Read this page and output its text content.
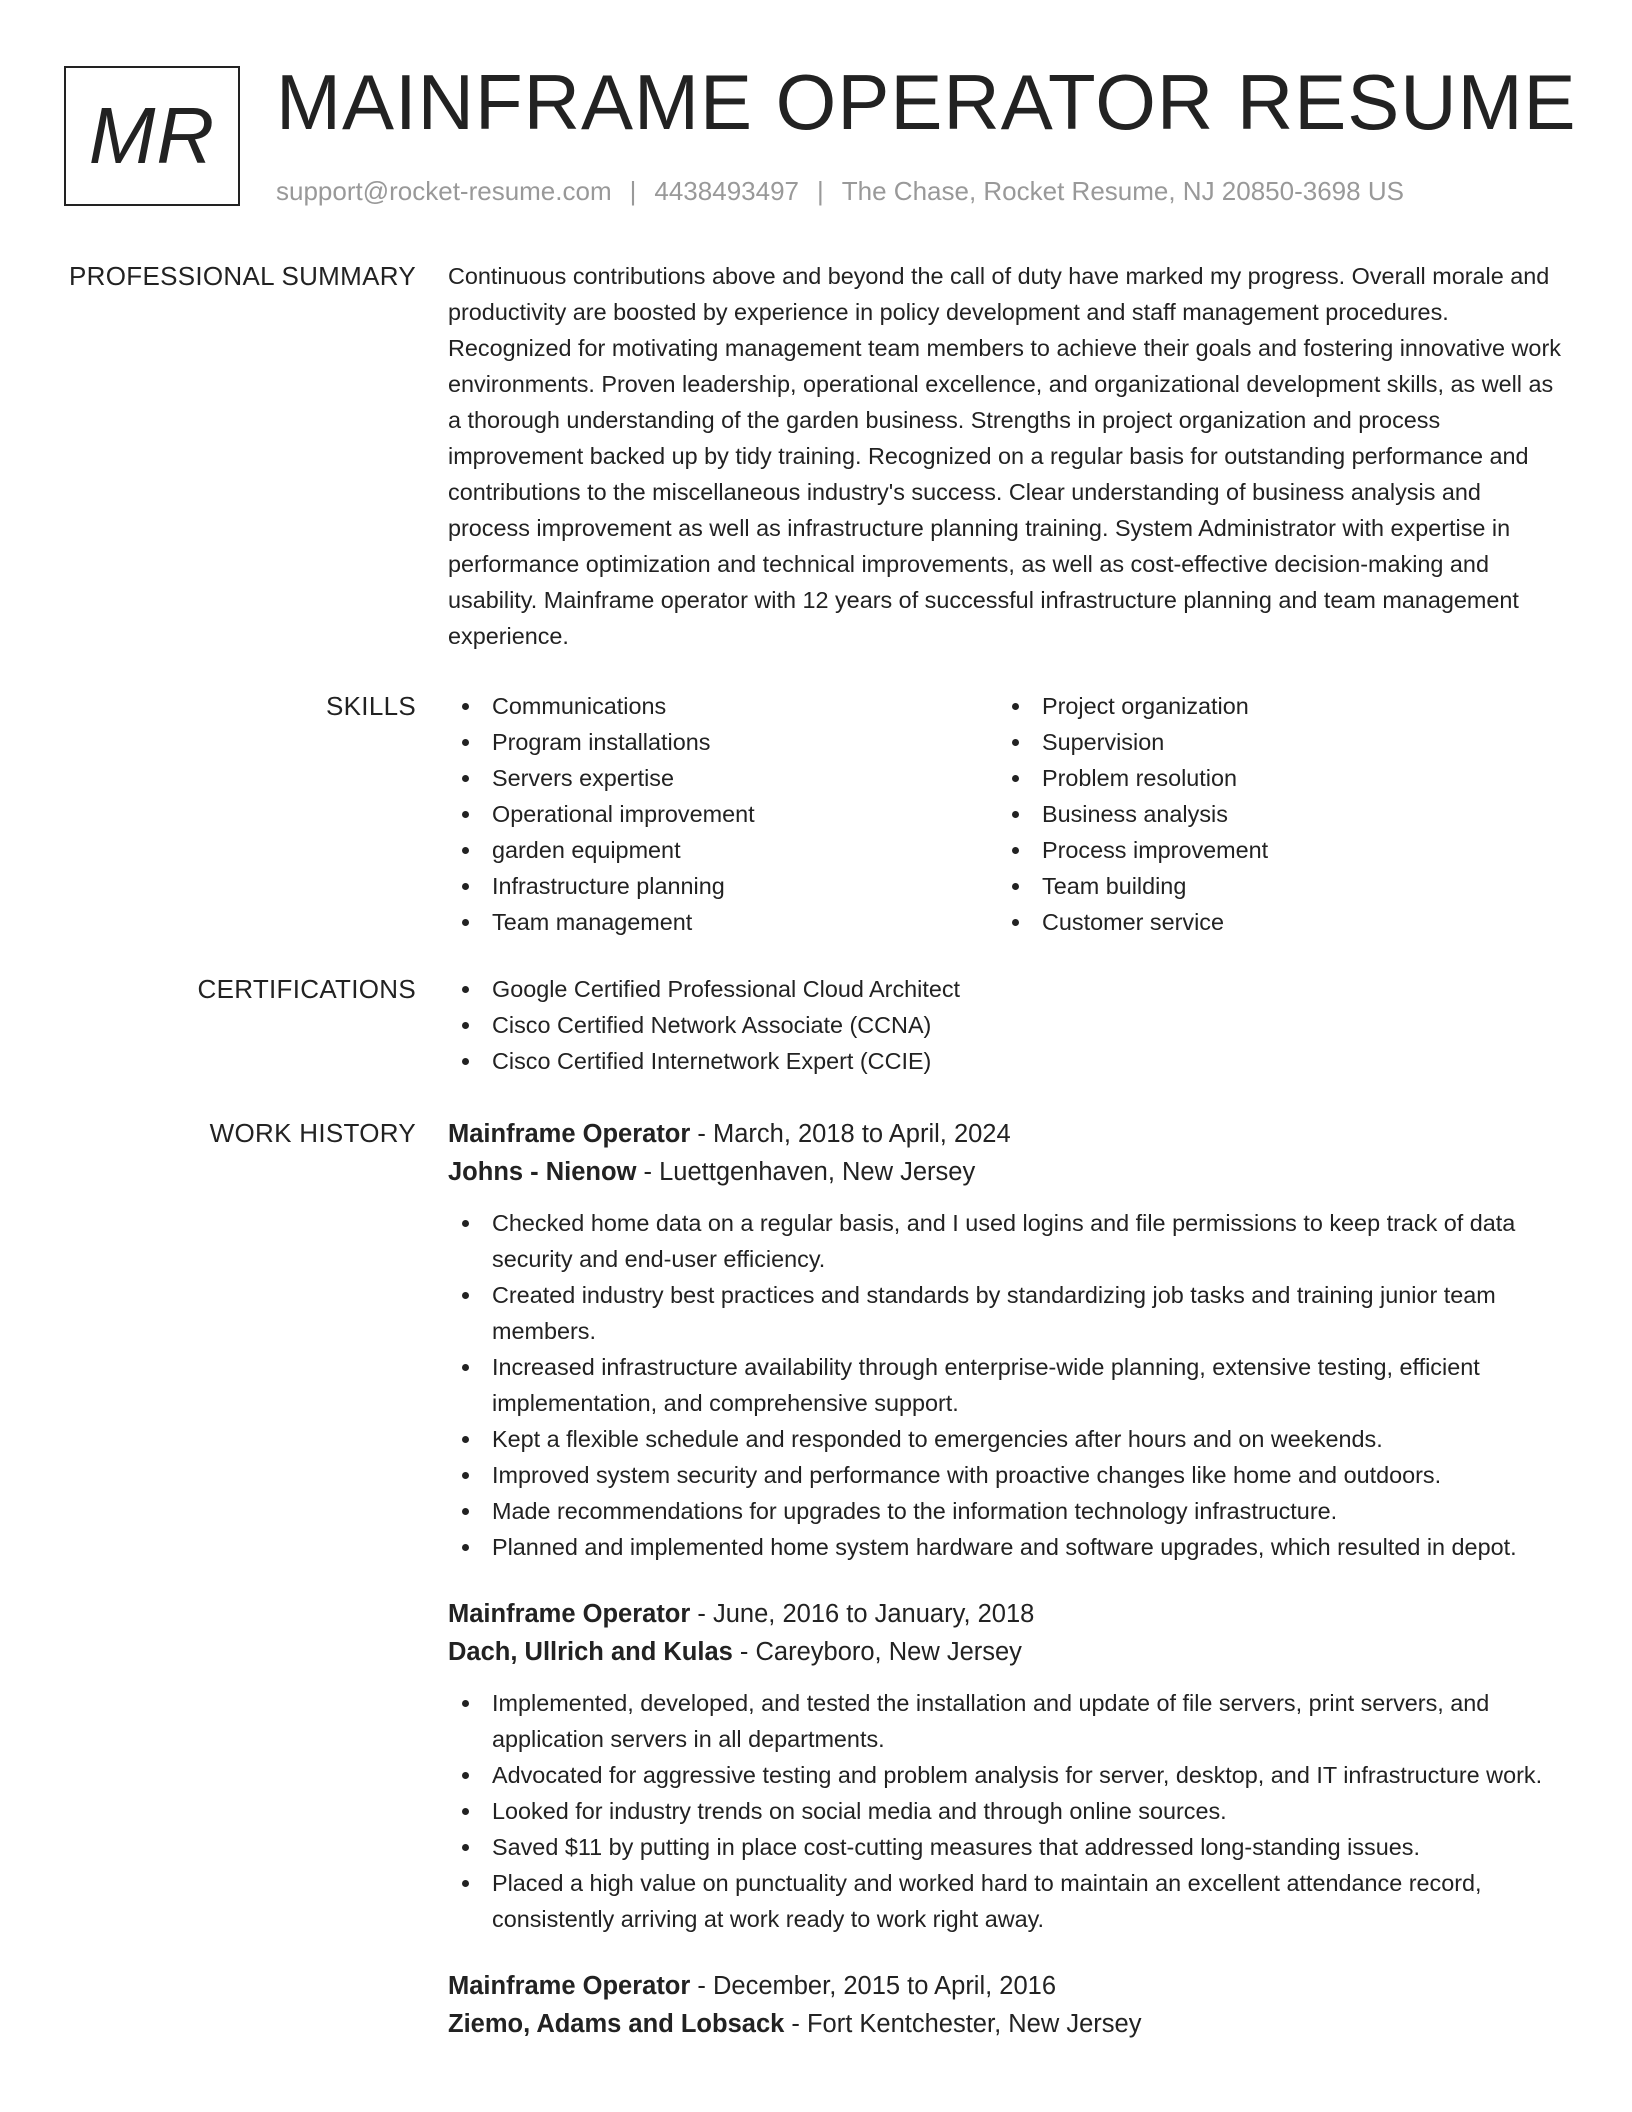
MR MAINFRAME OPERATOR RESUME
support@rocket-resume.com | 4438493497 | The Chase, Rocket Resume, NJ 20850-3698 US
PROFESSIONAL SUMMARY Continuous contributions above and beyond the call of duty have marked my progress. Overall morale and productivity are boosted by experience in policy development and staff management procedures. Recognized for motivating management team members to achieve their goals and fostering innovative work environments. Proven leadership, operational excellence, and organizational development skills, as well as a thorough understanding of the garden business. Strengths in project organization and process improvement backed up by tidy training. Recognized on a regular basis for outstanding performance and contributions to the miscellaneous industry's success. Clear understanding of business analysis and process improvement as well as infrastructure planning training. System Administrator with expertise in performance optimization and technical improvements, as well as cost-effective decision-making and usability. Mainframe operator with 12 years of successful infrastructure planning and team management experience.

SKILLS	Communications
Program installations
Servers expertise
Operational improvement
garden equipment
Infrastructure planning
Team management
Project organization
Supervision
Problem resolution
Business analysis
Process improvement
Team building
Customer service
CERTIFICATIONS	Google Certified Professional Cloud Architect
Cisco Certified Network Associate (CCNA)
Cisco Certified Internetwork Expert (CCIE)
WORK HISTORY Mainframe Operator - March, 2018 to April, 2024
Johns - Nienow - Luettgenhaven, New Jersey
Checked home data on a regular basis, and I used logins and file permissions to keep track of data security and end-user efficiency.
Created industry best practices and standards by standardizing job tasks and training junior team members.
Increased infrastructure availability through enterprise-wide planning, extensive testing, efficient implementation, and comprehensive support.
Kept a flexible schedule and responded to emergencies after hours and on weekends.
Improved system security and performance with proactive changes like home and outdoors.
Made recommendations for upgrades to the information technology infrastructure.
Planned and implemented home system hardware and software upgrades, which resulted in depot.
Mainframe Operator - June, 2016 to January, 2018
Dach, Ullrich and Kulas - Careyboro, New Jersey
Implemented, developed, and tested the installation and update of file servers, print servers, and application servers in all departments.
Advocated for aggressive testing and problem analysis for server, desktop, and IT infrastructure work.
Looked for industry trends on social media and through online sources.
Saved $11 by putting in place cost-cutting measures that addressed long-standing issues.
Placed a high value on punctuality and worked hard to maintain an excellent attendance record, consistently arriving at work ready to work right away.
Mainframe Operator - December, 2015 to April, 2016
Ziemo, Adams and Lobsack - Fort Kentchester, New Jersey
